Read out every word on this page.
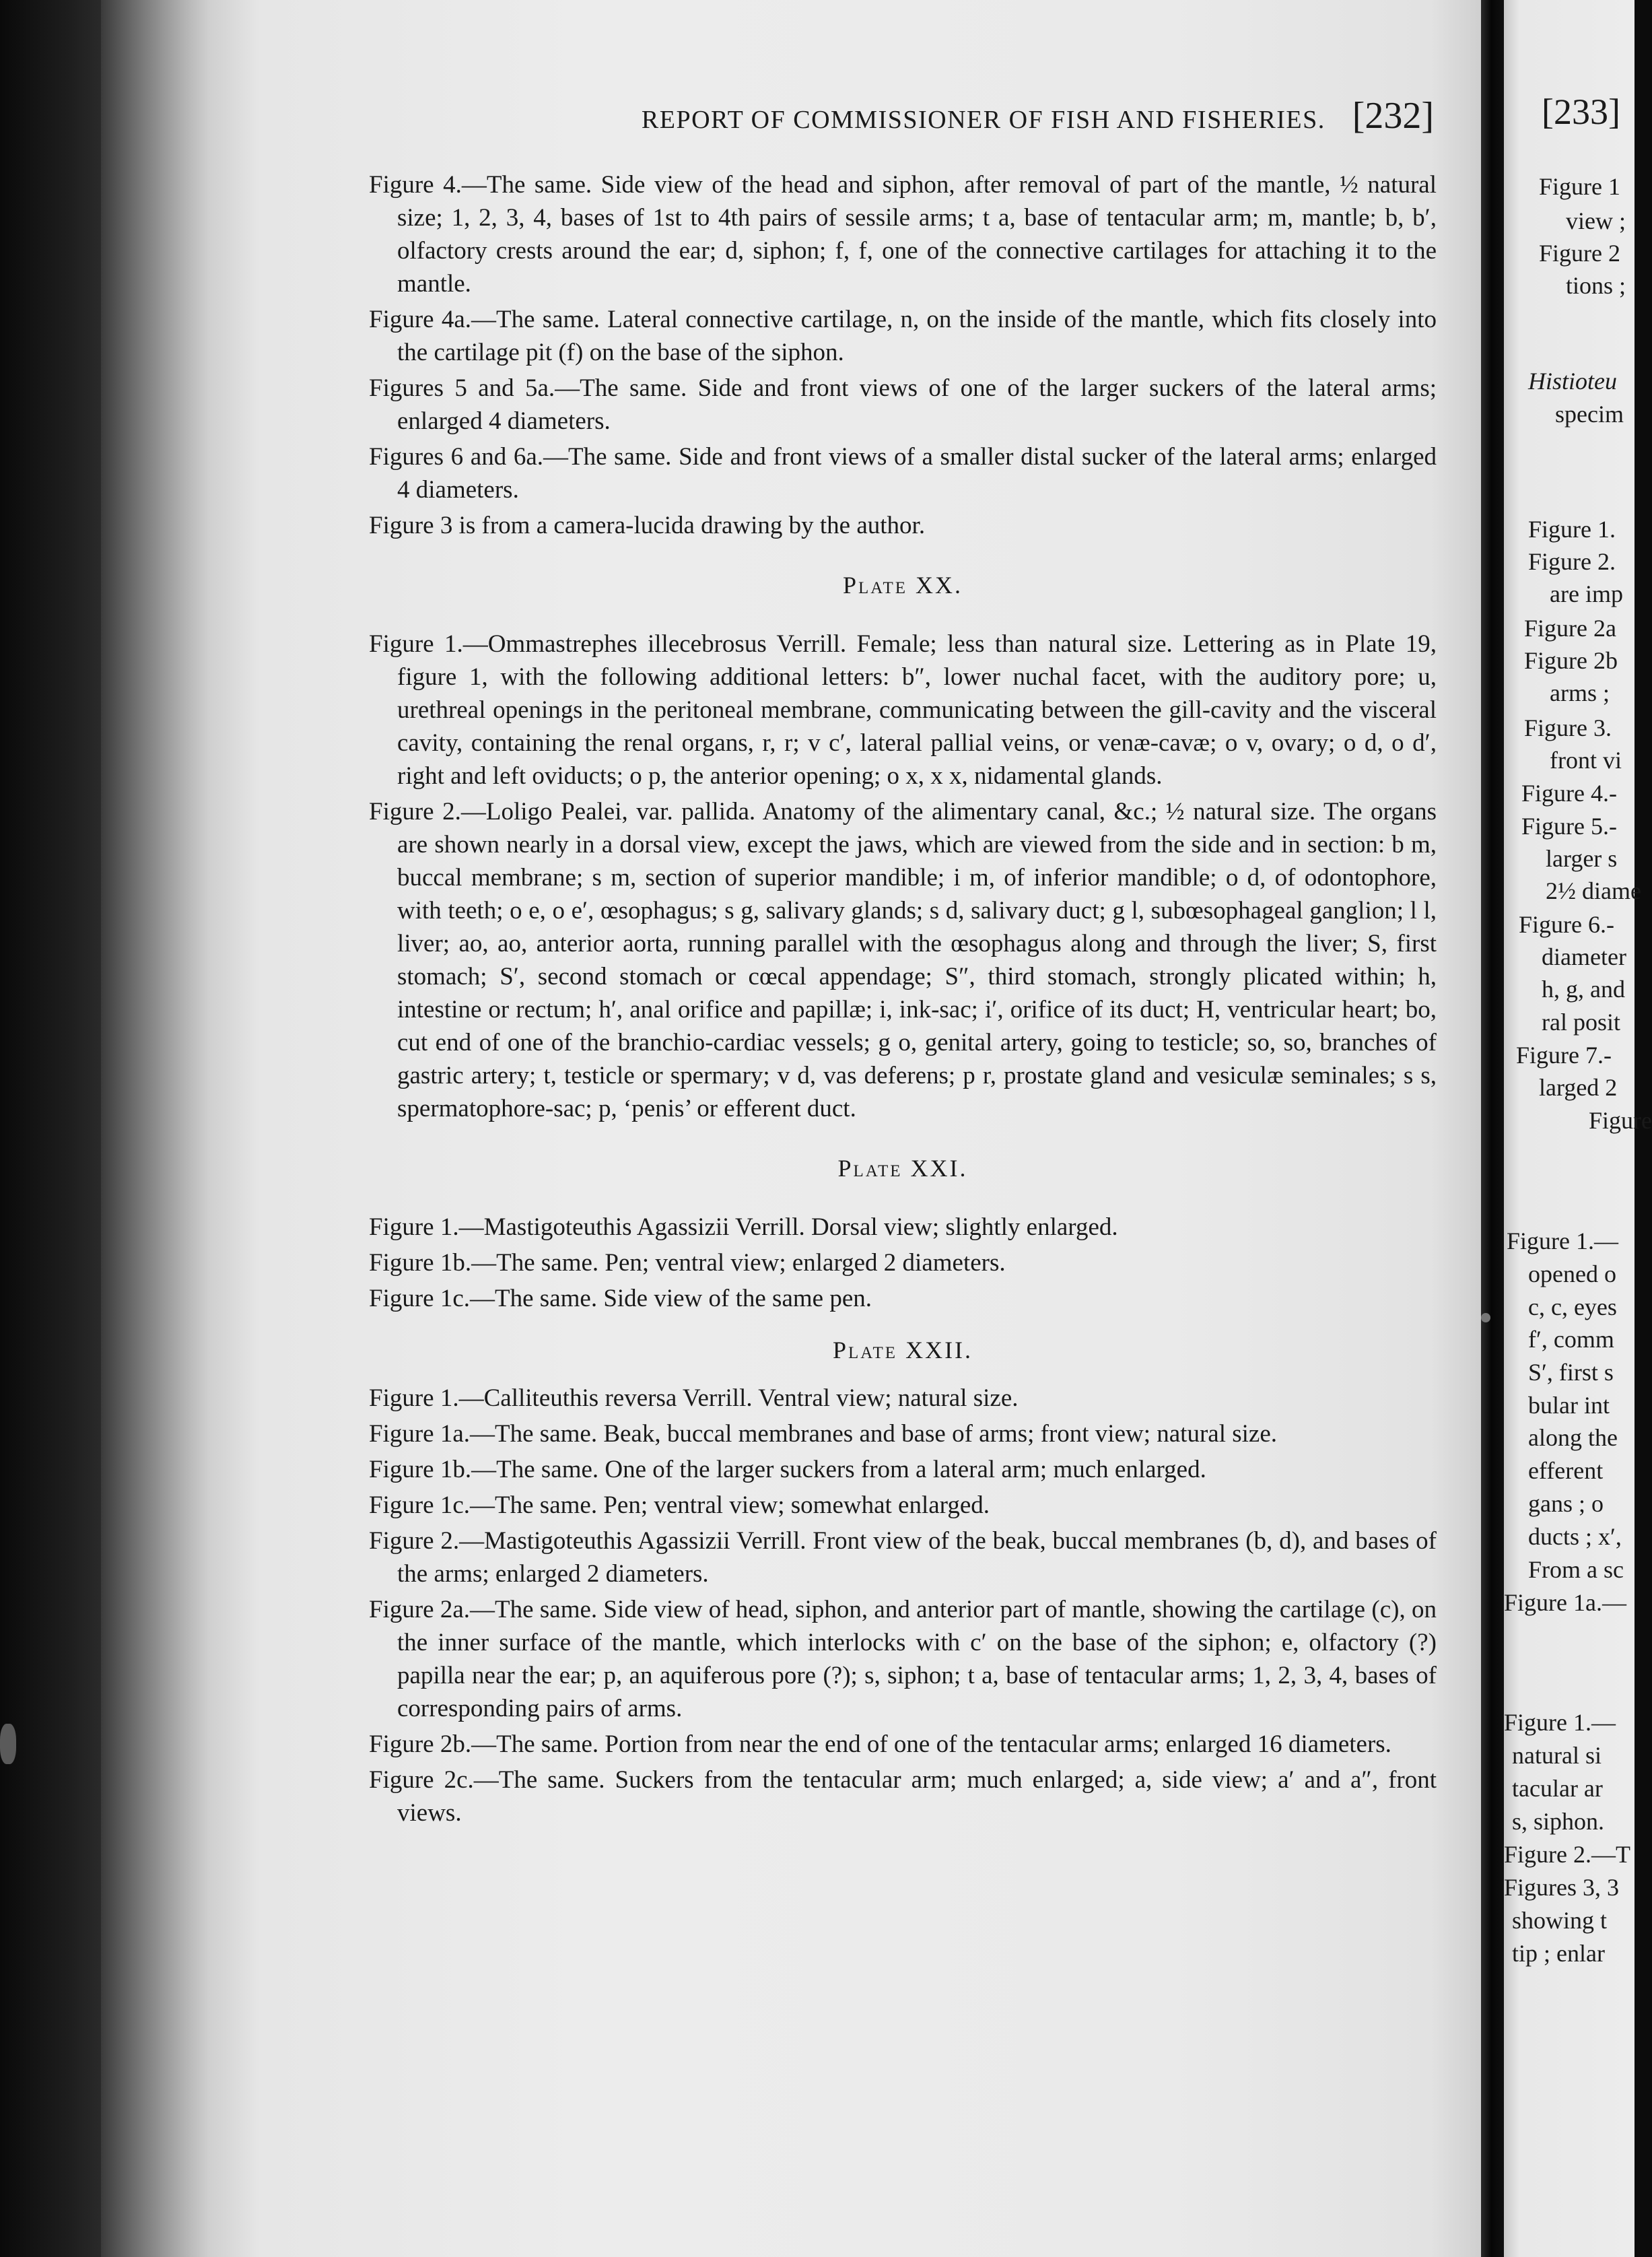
REPORT OF COMMISSIONER OF FISH AND FISHERIES. [232]

Figure 4.—The same. Side view of the head and siphon, after removal of part of the mantle, ½ natural size; 1, 2, 3, 4, bases of 1st to 4th pairs of sessile arms; t a, base of tentacular arm; m, mantle; b, b′, olfactory crests around the ear; d, siphon; f, f, one of the connective cartilages for attaching it to the mantle.

Figure 4a.—The same. Lateral connective cartilage, n, on the inside of the mantle, which fits closely into the cartilage pit (f) on the base of the siphon.

Figures 5 and 5a.—The same. Side and front views of one of the larger suckers of the lateral arms; enlarged 4 diameters.

Figures 6 and 6a.—The same. Side and front views of a smaller distal sucker of the lateral arms; enlarged 4 diameters.

Figure 3 is from a camera-lucida drawing by the author.

Plate XX.

Figure 1.—Ommastrephes illecebrosus Verrill. Female; less than natural size. Lettering as in Plate 19, figure 1, with the following additional letters: b″, lower nuchal facet, with the auditory pore; u, urethreal openings in the peritoneal membrane, communicating between the gill-cavity and the visceral cavity, containing the renal organs, r, r; v c′, lateral pallial veins, or venæ-cavæ; o v, ovary; o d, o d′, right and left oviducts; o p, the anterior opening; o x, x x, nidamental glands.

Figure 2.—Loligo Pealei, var. pallida. Anatomy of the alimentary canal, &c.; ½ natural size. The organs are shown nearly in a dorsal view, except the jaws, which are viewed from the side and in section: b m, buccal membrane; s m, section of superior mandible; i m, of inferior mandible; o d, of odontophore, with teeth; o e, o e′, œsophagus; s g, salivary glands; s d, salivary duct; g l, subœsophageal ganglion; l l, liver; ao, ao, anterior aorta, running parallel with the œsophagus along and through the liver; S, first stomach; S′, second stomach or cœcal appendage; S″, third stomach, strongly plicated within; h, intestine or rectum; h′, anal orifice and papillæ; i, ink-sac; i′, orifice of its duct; H, ventricular heart; bo, cut end of one of the branchio-cardiac vessels; g o, genital artery, going to testicle; so, so, branches of gastric artery; t, testicle or spermary; v d, vas deferens; p r, prostate gland and vesiculæ seminales; s s, spermatophore-sac; p, ‘penis’ or efferent duct.

Plate XXI.

Figure 1.—Mastigoteuthis Agassizii Verrill. Dorsal view; slightly enlarged.

Figure 1b.—The same. Pen; ventral view; enlarged 2 diameters.

Figure 1c.—The same. Side view of the same pen.

Plate XXII.

Figure 1.—Calliteuthis reversa Verrill. Ventral view; natural size.

Figure 1a.—The same. Beak, buccal membranes and base of arms; front view; natural size.

Figure 1b.—The same. One of the larger suckers from a lateral arm; much enlarged.

Figure 1c.—The same. Pen; ventral view; somewhat enlarged.

Figure 2.—Mastigoteuthis Agassizii Verrill. Front view of the beak, buccal membranes (b, d), and bases of the arms; enlarged 2 diameters.

Figure 2a.—The same. Side view of head, siphon, and anterior part of mantle, showing the cartilage (c), on the inner surface of the mantle, which interlocks with c′ on the base of the siphon; e, olfactory (?) papilla near the ear; p, an aquiferous pore (?); s, siphon; t a, base of tentacular arms; 1, 2, 3, 4, bases of corresponding pairs of arms.

Figure 2b.—The same. Portion from near the end of one of the tentacular arms; enlarged 16 diameters.

Figure 2c.—The same. Suckers from the tentacular arm; much enlarged; a, side view; a′ and a″, front views.

[233]
Figure 1
view ;
Figure 2
tions ;
Histioteu
specim
Figure 1.
Figure 2.
are imp
Figure 2a
Figure 2b
arms ;
Figure 3.
front vi
Figure 4.-
Figure 5.-
larger s
2½ diame
Figure 6.-
diameter
h, g, and
ral posit
Figure 7.-
larged 2
Figure
Figure 1.—
opened o
c, c, eyes
f′, comm
S′, first s
bular int
along the
efferent
gans ; o
ducts ; x′,
From a sc
Figure 1a.—
Figure 1.—
natural si
tacular ar
s, siphon.
Figure 2.—T
Figures 3, 3
showing t
tip ; enlar
